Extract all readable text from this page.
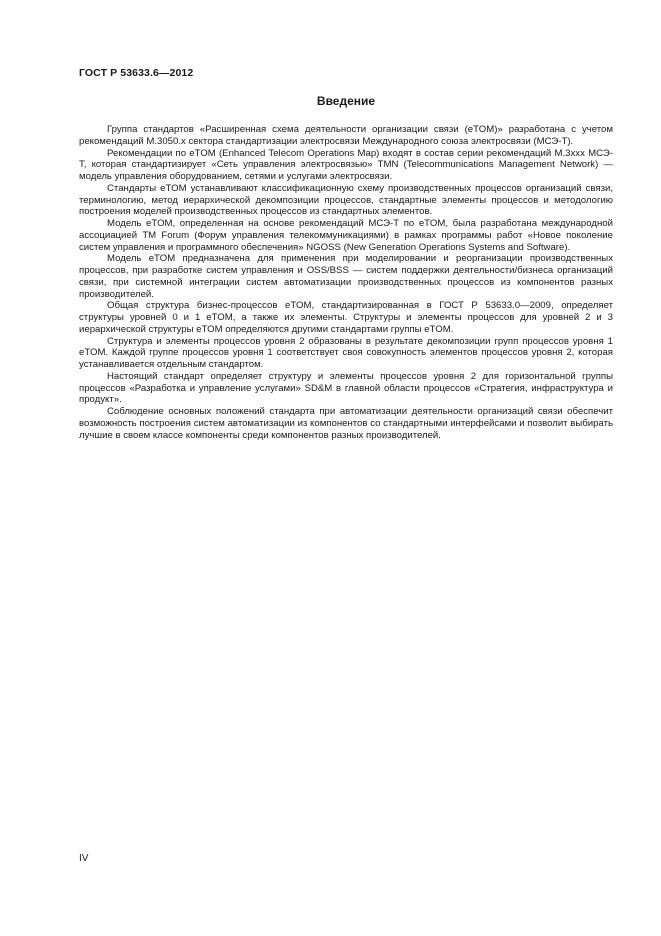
ГОСТ Р 53633.6—2012
Введение

Группа стандартов «Расширенная схема деятельности организации связи (eTOM)» разработана с учетом рекомендаций M.3050.x сектора стандартизации электросвязи Международного союза электросвязи (МСЭ-Т).

Рекомендации по eTOM (Enhanced Telecom Operations Map) входят в состав серии рекомендаций M.3xxx МСЭ-Т, которая стандартизирует «Сеть управления электросвязью» TMN (Telecommunications Management Network) — модель управления оборудованием, сетями и услугами электросвязи.

Стандарты eTOM устанавливают классификационную схему производственных процессов организаций связи, терминологию, метод иерархической декомпозиции процессов, стандартные элементы процессов и методологию построения моделей производственных процессов из стандартных элементов.

Модель eTOM, определенная на основе рекомендаций МСЭ-Т по eTOM, была разработана международной ассоциацией TM Forum (Форум управления телекоммуникациями) в рамках программы работ «Новое поколение систем управления и программного обеспечения» NGOSS (New Generation Operations Systems and Software).

Модель eTOM предназначена для применения при моделировании и реорганизации производственных процессов, при разработке систем управления и OSS/BSS — систем поддержки деятельности/бизнеса организаций связи, при системной интеграции систем автоматизации производственных процессов из компонентов разных производителей.

Общая структура бизнес-процессов eTOM, стандартизированная в ГОСТ Р 53633.0—2009, определяет структуры уровней 0 и 1 eTOM, а также их элементы. Структуры и элементы процессов для уровней 2 и 3 иерархической структуры eTOM определяются другими стандартами группы eTOM.

Структура и элементы процессов уровня 2 образованы в результате декомпозиции групп процессов уровня 1 eTOM. Каждой группе процессов уровня 1 соответствует своя совокупность элементов процессов уровня 2, которая устанавливается отдельным стандартом.

Настоящий стандарт определяет структуру и элементы процессов уровня 2 для горизонтальной группы процессов «Разработка и управление услугами» SD&M в главной области процессов «Стратегия, инфраструктура и продукт».

Соблюдение основных положений стандарта при автоматизации деятельности организаций связи обеспечит возможность построения систем автоматизации из компонентов со стандартными интерфейсами и позволит выбирать лучшие в своем классе компоненты среди компонентов разных производителей.

IV
